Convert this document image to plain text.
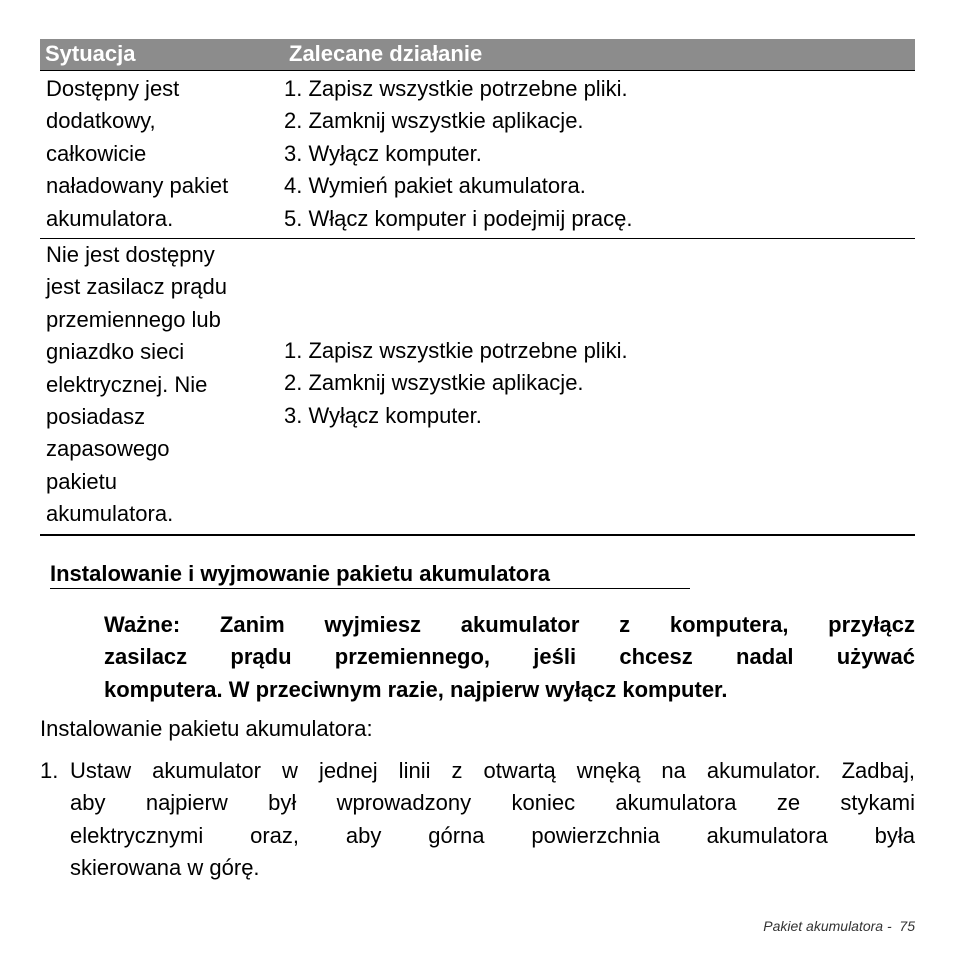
Sytuacja	Zalecane działanie
Dostępny jest
dodatkowy,
całkowicie
naładowany pakiet
akumulatora.
1. Zapisz wszystkie potrzebne pliki.
2. Zamknij wszystkie aplikacje.
3. Wyłącz komputer.
4. Wymień pakiet akumulatora.
5. Włącz komputer i podejmij pracę.
Nie jest dostępny
jest zasilacz prądu
przemiennego lub
gniazdko sieci
elektrycznej. Nie
posiadasz
zapasowego
pakietu
akumulatora.
1. Zapisz wszystkie potrzebne pliki.
2. Zamknij wszystkie aplikacje.
3. Wyłącz komputer.
Instalowanie i wyjmowanie pakietu akumulatora
Ważne: Zanim wyjmiesz akumulator z komputera, przyłącz
zasilacz prądu przemiennego, jeśli chcesz nadal używać
komputera. W przeciwnym razie, najpierw wyłącz komputer.
Instalowanie pakietu akumulatora:
1. Ustaw akumulator w jednej linii z otwartą wnęką na akumulator. Zadbaj,
aby najpierw był wprowadzony koniec akumulatora ze stykami
elektrycznymi oraz, aby górna powierzchnia akumulatora była
skierowana w górę.
Pakiet akumulatora -  75
